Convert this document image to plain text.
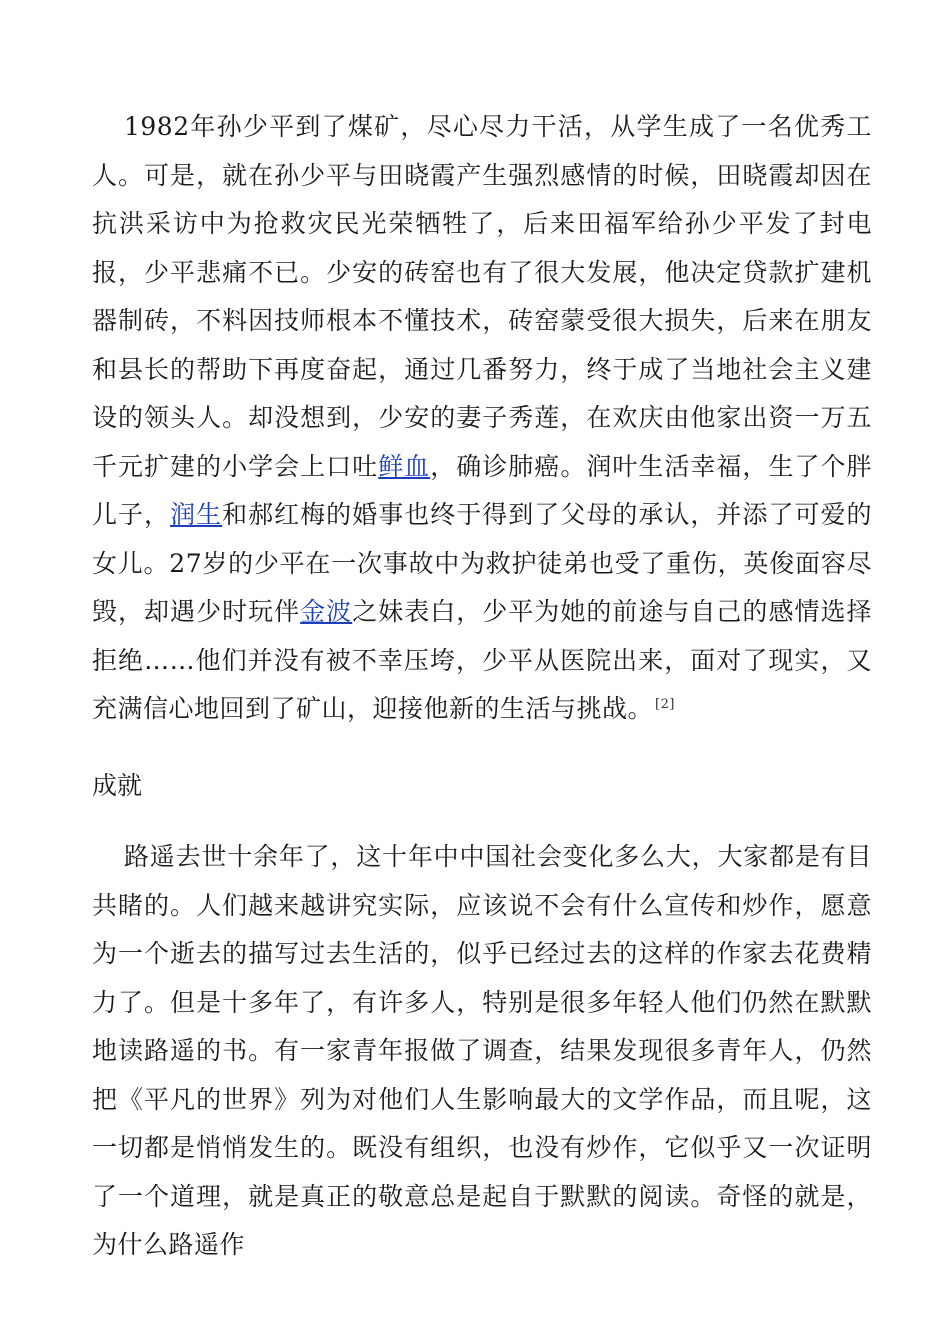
1982年孙少平到了煤矿，尽心尽力干活，从学生成了一名优秀工人。可是，就在孙少平与田晓霞产生强烈感情的时候，田晓霞却因在抗洪采访中为抢救灾民光荣牺牲了，后来田福军给孙少平发了封电报，少平悲痛不已。少安的砖窑也有了很大发展，他决定贷款扩建机器制砖，不料因技师根本不懂技术，砖窑蒙受很大损失，后来在朋友和县长的帮助下再度奋起，通过几番努力，终于成了当地社会主义建设的领头人。却没想到，少安的妻子秀莲，在欢庆由他家出资一万五千元扩建的小学会上口吐鲜血，确诊肺癌。润叶生活幸福，生了个胖儿子，润生和郝红梅的婚事也终于得到了父母的承认，并添了可爱的女儿。27岁的少平在一次事故中为救护徒弟也受了重伤，英俊面容尽毁，却遇少时玩伴金波之妹表白，少平为她的前途与自己的感情选择拒绝……他们并没有被不幸压垮，少平从医院出来，面对了现实，又充满信心地回到了矿山，迎接他新的生活与挑战。 [2]

成就

路遥去世十余年了，这十年中中国社会变化多么大，大家都是有目共睹的。人们越来越讲究实际，应该说不会有什么宣传和炒作，愿意为一个逝去的描写过去生活的，似乎已经过去的这样的作家去花费精力了。但是十多年了，有许多人，特别是很多年轻人他们仍然在默默地读路遥的书。有一家青年报做了调查，结果发现很多青年人，仍然把《平凡的世界》列为对他们人生影响最大的文学作品，而且呢，这一切都是悄悄发生的。既没有组织，也没有炒作，它似乎又一次证明了一个道理，就是真正的敬意总是起自于默默的阅读。奇怪的就是，为什么路遥作
